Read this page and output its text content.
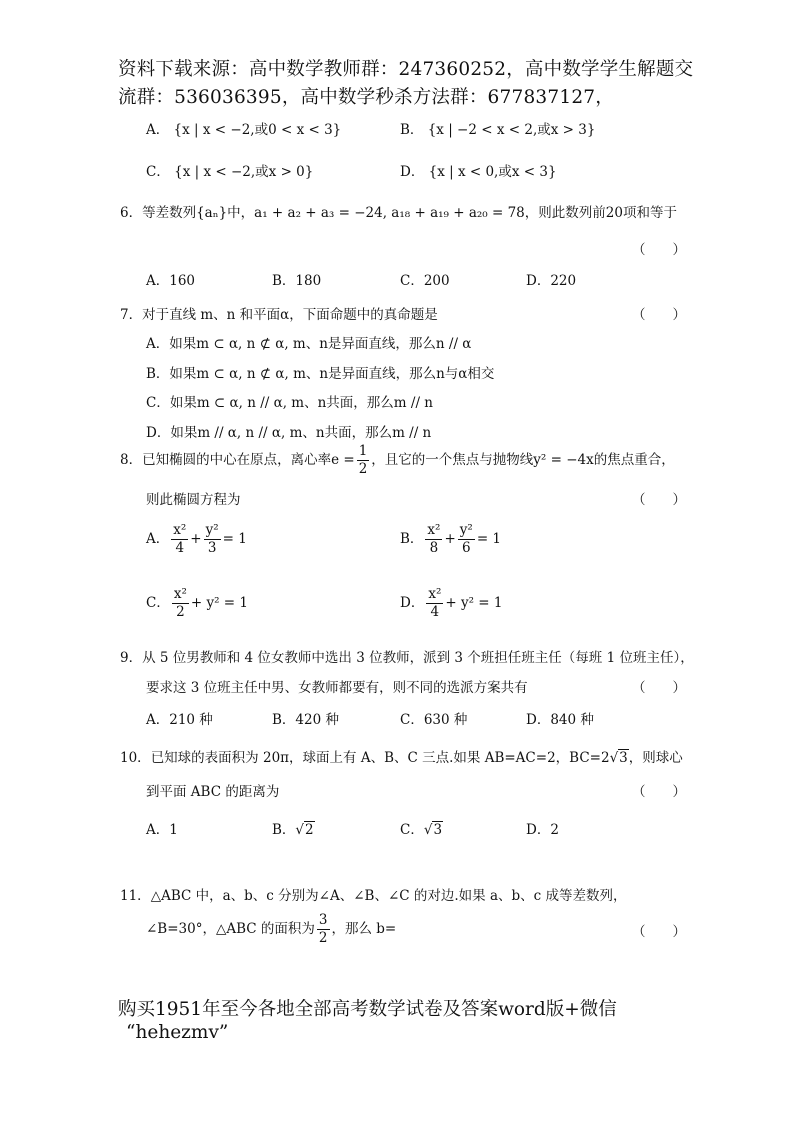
资料下载来源：高中数学教师群：247360252，高中数学学生解题交
流群：536036395，高中数学秒杀方法群：677837127，
A． {x | x < −2,或0 < x < 3}	B． {x | −2 < x < 2,或x > 3}
C． {x | x < −2,或x > 0}	D． {x | x < 0,或x < 3}
6．等差数列{aₙ}中，a₁ + a₂ + a₃ = −24, a₁₈ + a₁₉ + a₂₀ = 78，则此数列前20项和等于
（　　）
A．160	B．180	C．200	D．220
7．对于直线 m、n 和平面α，下面命题中的真命题是	（　　）
A．如果m ⊂ α, n ⊄ α, m、n是异面直线，那么n // α
B．如果m ⊂ α, n ⊄ α, m、n是异面直线，那么n与α相交
C．如果m ⊂ α, n // α, m、n共面，那么m // n
D．如果m // α, n // α, m、n共面，那么m // n
8．已知椭圆的中心在原点，离心率$e = \frac{1}{2}$ ，且它的一个焦点与抛物线y² = −4x的焦点重合，
则此椭圆方程为	（　　）
A． $\frac{\text{x²}}{4} + \frac{\text{y²}}{3} = 1$	B． $\frac{\text{x²}}{8} + \frac{\text{y²}}{6} = 1$
C． $\frac{\text{x²}}{2} + y^2 = 1$	D． $\frac{\text{x²}}{4} + y^2 = 1$
9．从 5 位男教师和 4 位女教师中选出 3 位教师，派到 3 个班担任班主任（每班 1 位班主任），
要求这 3 位班主任中男、女教师都要有，则不同的选派方案共有	（　　）
A．210 种	B．420 种	C．630 种	D．840 种
10．已知球的表面积为 20π，球面上有 A、B、C 三点.如果 AB=AC=2，BC=2√3，则球心
到平面 ABC 的距离为	（　　）
A．1	B．√2	C．√3	D．2
11．△ABC 中，a、b、c 分别为∠A、∠B、∠C 的对边.如果 a、b、c 成等差数列，
∠B=30°，△ABC 的面积为 $\frac{3}{2}$ ，那么 b=	（　　）
购买1951年至今各地全部高考数学试卷及答案word版+微信
“hehezmv”
